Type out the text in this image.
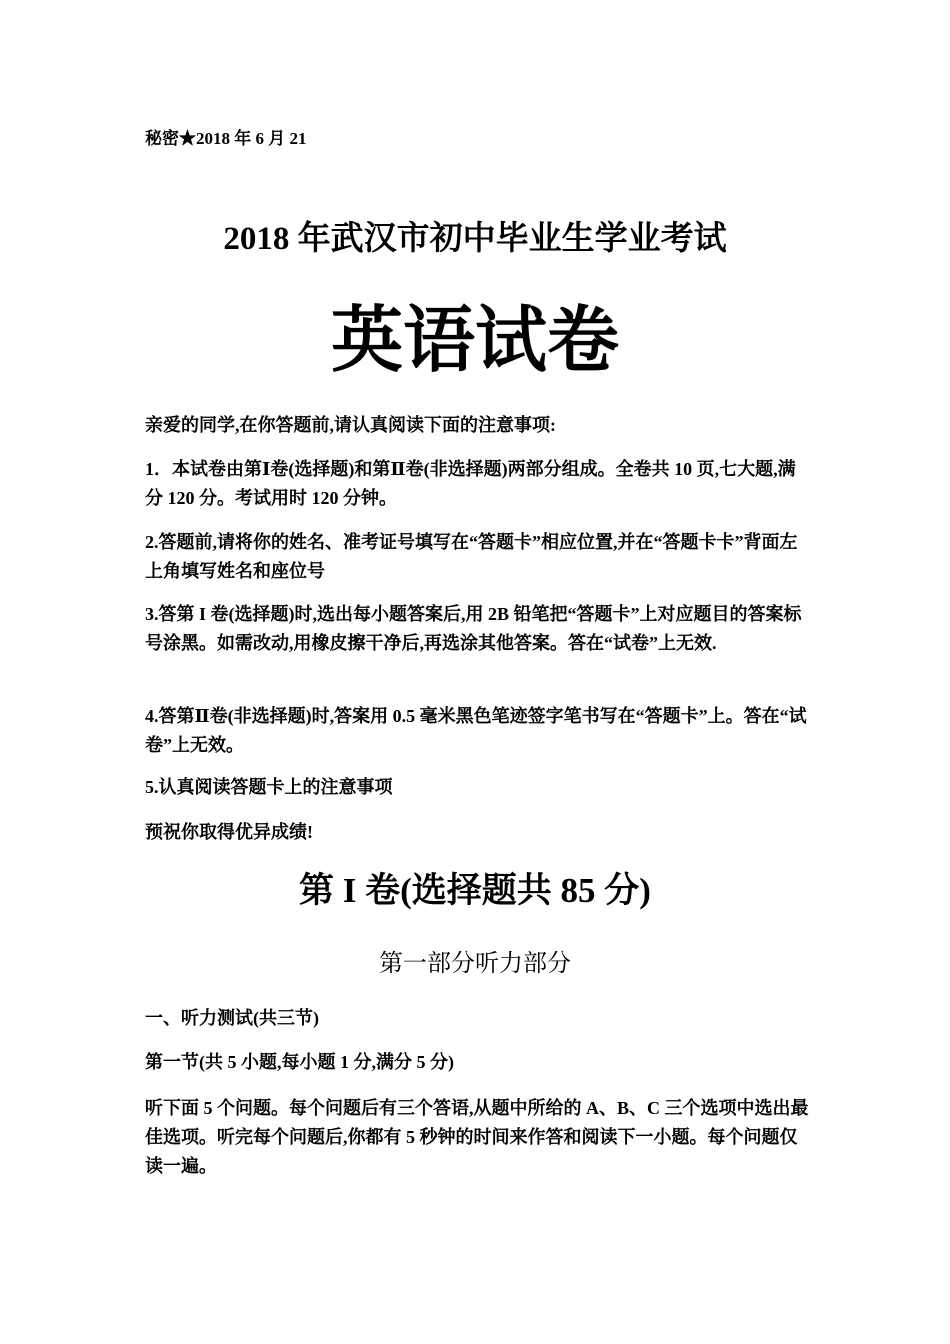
秘密★2018 年 6 月 21
2018 年武汉市初中毕业生学业考试
英语试卷
亲爱的同学,在你答题前,请认真阅读下面的注意事项:
1．本试卷由第Ⅰ卷(选择题)和第Ⅱ卷(非选择题)两部分组成。全卷共 10 页,七大题,满分 120 分。考试用时 120 分钟。
2.答题前,请将你的姓名、准考证号填写在“答题卡”相应位置,并在“答题卡卡”背面左上角填写姓名和座位号
3.答第 I 卷(选择题)时,选出每小题答案后,用 2B 铅笔把“答题卡”上对应题目的答案标号涂黑。如需改动,用橡皮擦干净后,再选涂其他答案。答在“试卷”上无效.
4.答第Ⅱ卷(非选择题)时,答案用 0.5 毫米黑色笔迹签字笔书写在“答题卡”上。答在“试卷”上无效。
5.认真阅读答题卡上的注意事项
预祝你取得优异成绩!
第 I 卷(选择题共 85 分)
第一部分听力部分
一、听力测试(共三节)
第一节(共 5 小题,每小题 1 分,满分 5 分)
听下面 5 个问题。每个问题后有三个答语,从题中所给的 A、B、C 三个选项中选出最佳选项。听完每个问题后,你都有 5 秒钟的时间来作答和阅读下一小题。每个问题仅读一遍。
